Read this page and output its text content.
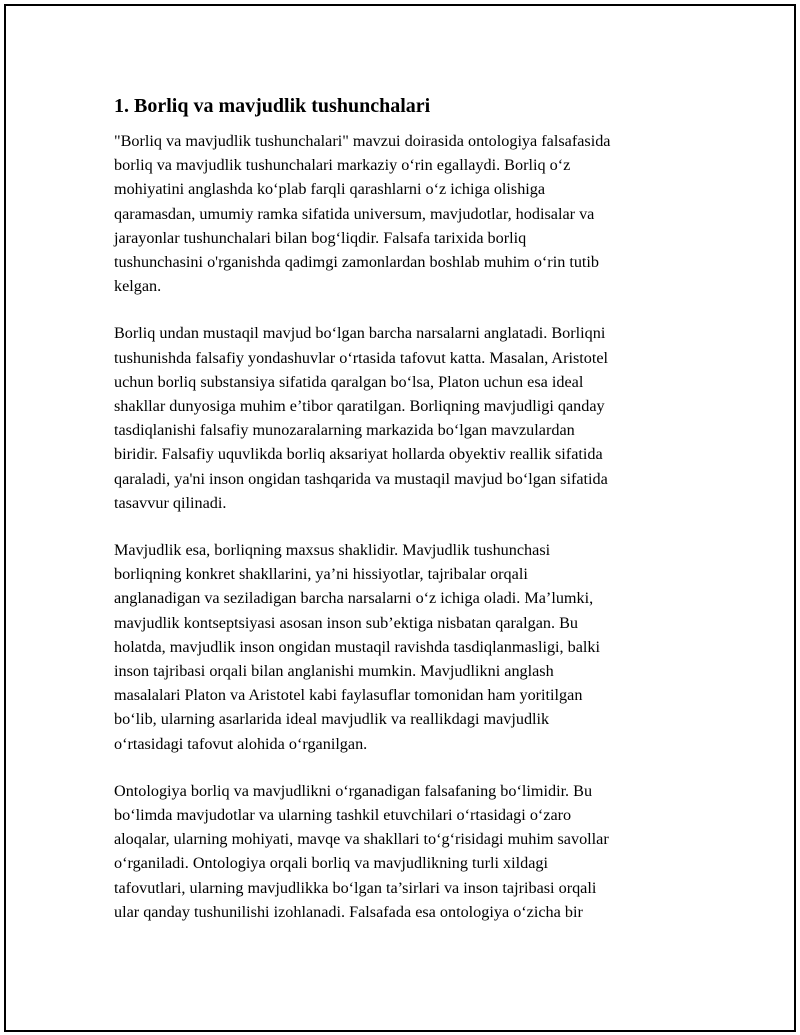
1. Borliq va mavjudlik tushunchalari

"Borliq va mavjudlik tushunchalari" mavzui doirasida ontologiya falsafasida
borliq va mavjudlik tushunchalari markaziy o‘rin egallaydi. Borliq o‘z
mohiyatini anglashda ko‘plab farqli qarashlarni o‘z ichiga olishiga
qaramasdan, umumiy ramka sifatida universum, mavjudotlar, hodisalar va
jarayonlar tushunchalari bilan bog‘liqdir. Falsafa tarixida borliq
tushunchasini o'rganishda qadimgi zamonlardan boshlab muhim o‘rin tutib
kelgan.

Borliq undan mustaqil mavjud bo‘lgan barcha narsalarni anglatadi. Borliqni
tushunishda falsafiy yondashuvlar o‘rtasida tafovut katta. Masalan, Aristotel
uchun borliq substansiya sifatida qaralgan bo‘lsa, Platon uchun esa ideal
shakllar dunyosiga muhim e’tibor qaratilgan. Borliqning mavjudligi qanday
tasdiqlanishi falsafiy munozaralarning markazida bo‘lgan mavzulardan
biridir. Falsafiy uquvlikda borliq aksariyat hollarda obyektiv reallik sifatida
qaraladi, ya'ni inson ongidan tashqarida va mustaqil mavjud bo‘lgan sifatida
tasavvur qilinadi.

Mavjudlik esa, borliqning maxsus shaklidir. Mavjudlik tushunchasi
borliqning konkret shakllarini, ya’ni hissiyotlar, tajribalar orqali
anglanadigan va seziladigan barcha narsalarni o‘z ichiga oladi. Ma’lumki,
mavjudlik kontseptsiyasi asosan inson sub’ektiga nisbatan qaralgan. Bu
holatda, mavjudlik inson ongidan mustaqil ravishda tasdiqlanmasligi, balki
inson tajribasi orqali bilan anglanishi mumkin. Mavjudlikni anglash
masalalari Platon va Aristotel kabi faylasuflar tomonidan ham yoritilgan
bo‘lib, ularning asarlarida ideal mavjudlik va reallikdagi mavjudlik
o‘rtasidagi tafovut alohida o‘rganilgan.

Ontologiya borliq va mavjudlikni o‘rganadigan falsafaning bo‘limidir. Bu
bo‘limda mavjudotlar va ularning tashkil etuvchilari o‘rtasidagi o‘zaro
aloqalar, ularning mohiyati, mavqe va shakllari to‘g‘risidagi muhim savollar
o‘rganiladi. Ontologiya orqali borliq va mavjudlikning turli xildagi
tafovutlari, ularning mavjudlikka bo‘lgan ta’sirlari va inson tajribasi orqali
ular qanday tushunilishi izohlanadi. Falsafada esa ontologiya o‘zicha bir
